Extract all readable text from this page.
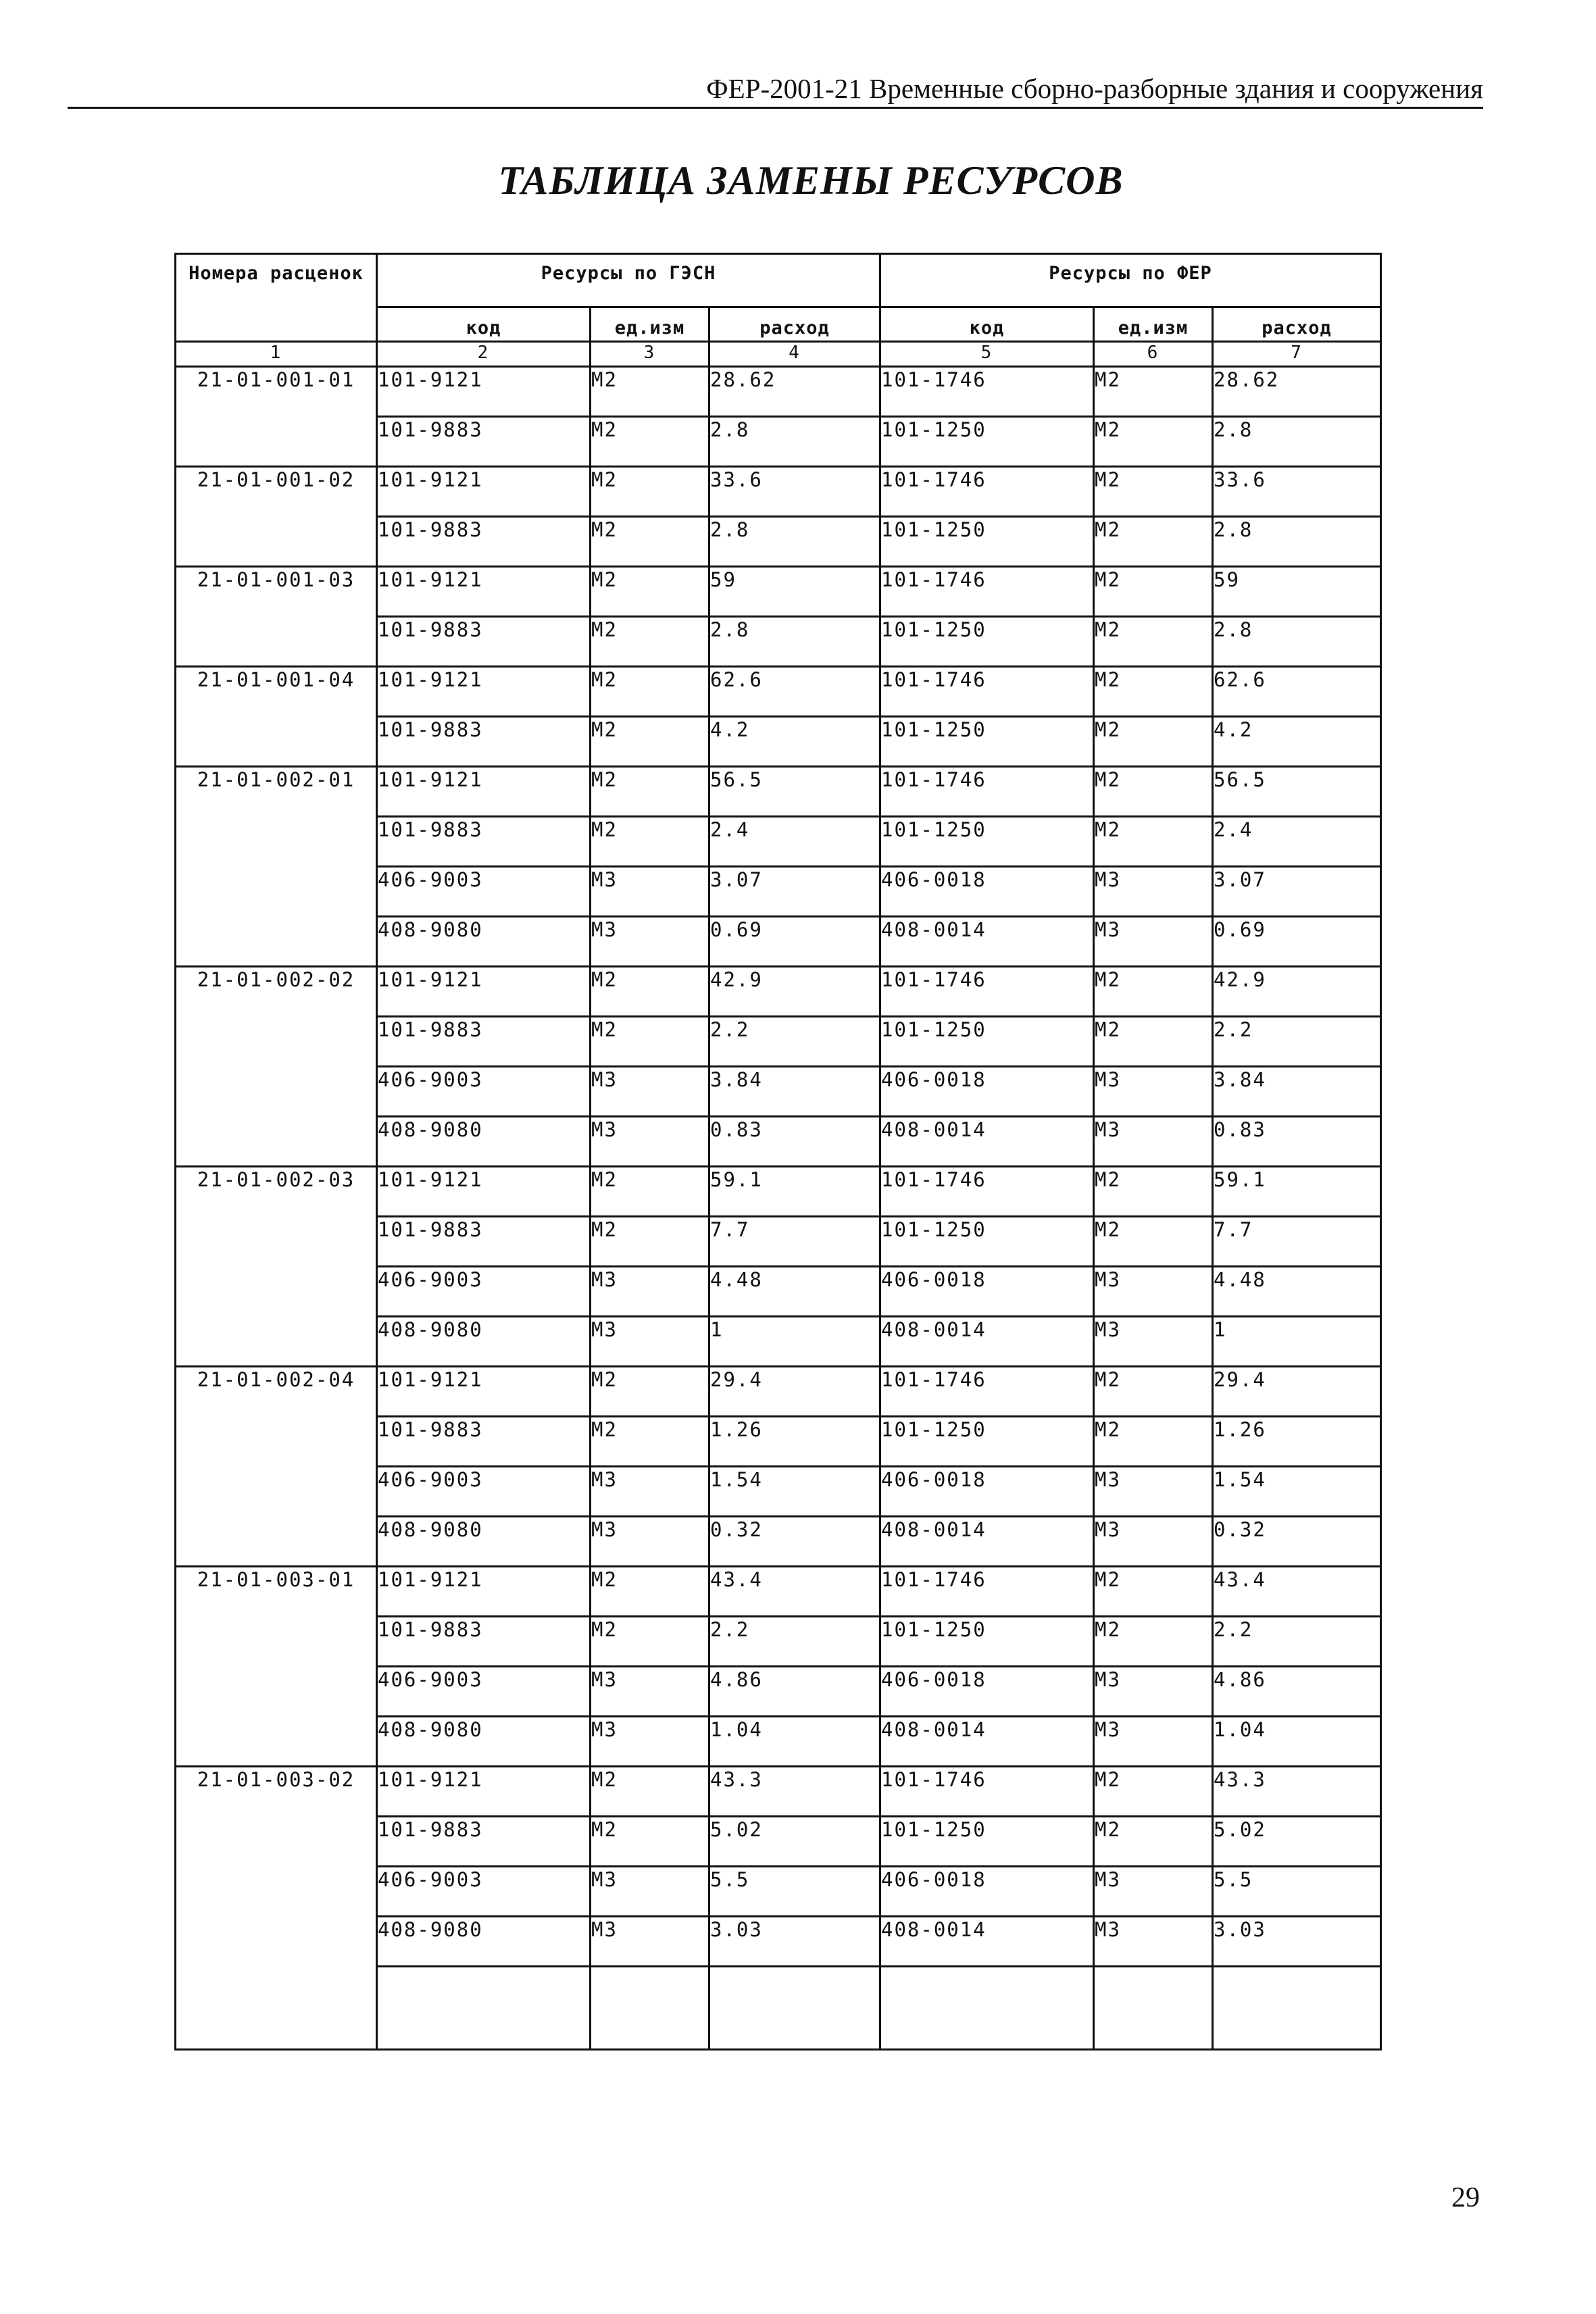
ФЕР-2001-21 Временные сборно-разборные здания и сооружения
ТАБЛИЦА ЗАМЕНЫ РЕСУРСОВ
Номера расценок	Ресурсы по ГЭСН			Ресурсы по ФЕР		
	код	ед.изм	расход	код	ед.изм	расход
1	2	3	4	5	6	7
21-01-001-01	101-9121	М2	28.62	101-1746	М2	28.62
	101-9883	М2	2.8	101-1250	М2	2.8
21-01-001-02	101-9121	М2	33.6	101-1746	М2	33.6
	101-9883	М2	2.8	101-1250	М2	2.8
21-01-001-03	101-9121	М2	59	101-1746	М2	59
	101-9883	М2	2.8	101-1250	М2	2.8
21-01-001-04	101-9121	М2	62.6	101-1746	М2	62.6
	101-9883	М2	4.2	101-1250	М2	4.2
21-01-002-01	101-9121	М2	56.5	101-1746	М2	56.5
	101-9883	М2	2.4	101-1250	М2	2.4
	406-9003	М3	3.07	406-0018	М3	3.07
	408-9080	М3	0.69	408-0014	М3	0.69
21-01-002-02	101-9121	М2	42.9	101-1746	М2	42.9
	101-9883	М2	2.2	101-1250	М2	2.2
	406-9003	М3	3.84	406-0018	М3	3.84
	408-9080	М3	0.83	408-0014	М3	0.83
21-01-002-03	101-9121	М2	59.1	101-1746	М2	59.1
	101-9883	М2	7.7	101-1250	М2	7.7
	406-9003	М3	4.48	406-0018	М3	4.48
	408-9080	М3	1	408-0014	М3	1
21-01-002-04	101-9121	М2	29.4	101-1746	М2	29.4
	101-9883	М2	1.26	101-1250	М2	1.26
	406-9003	М3	1.54	406-0018	М3	1.54
	408-9080	М3	0.32	408-0014	М3	0.32
21-01-003-01	101-9121	М2	43.4	101-1746	М2	43.4
	101-9883	М2	2.2	101-1250	М2	2.2
	406-9003	М3	4.86	406-0018	М3	4.86
	408-9080	М3	1.04	408-0014	М3	1.04
21-01-003-02	101-9121	М2	43.3	101-1746	М2	43.3
	101-9883	М2	5.02	101-1250	М2	5.02
	406-9003	М3	5.5	406-0018	М3	5.5
	408-9080	М3	3.03	408-0014	М3	3.03

29
